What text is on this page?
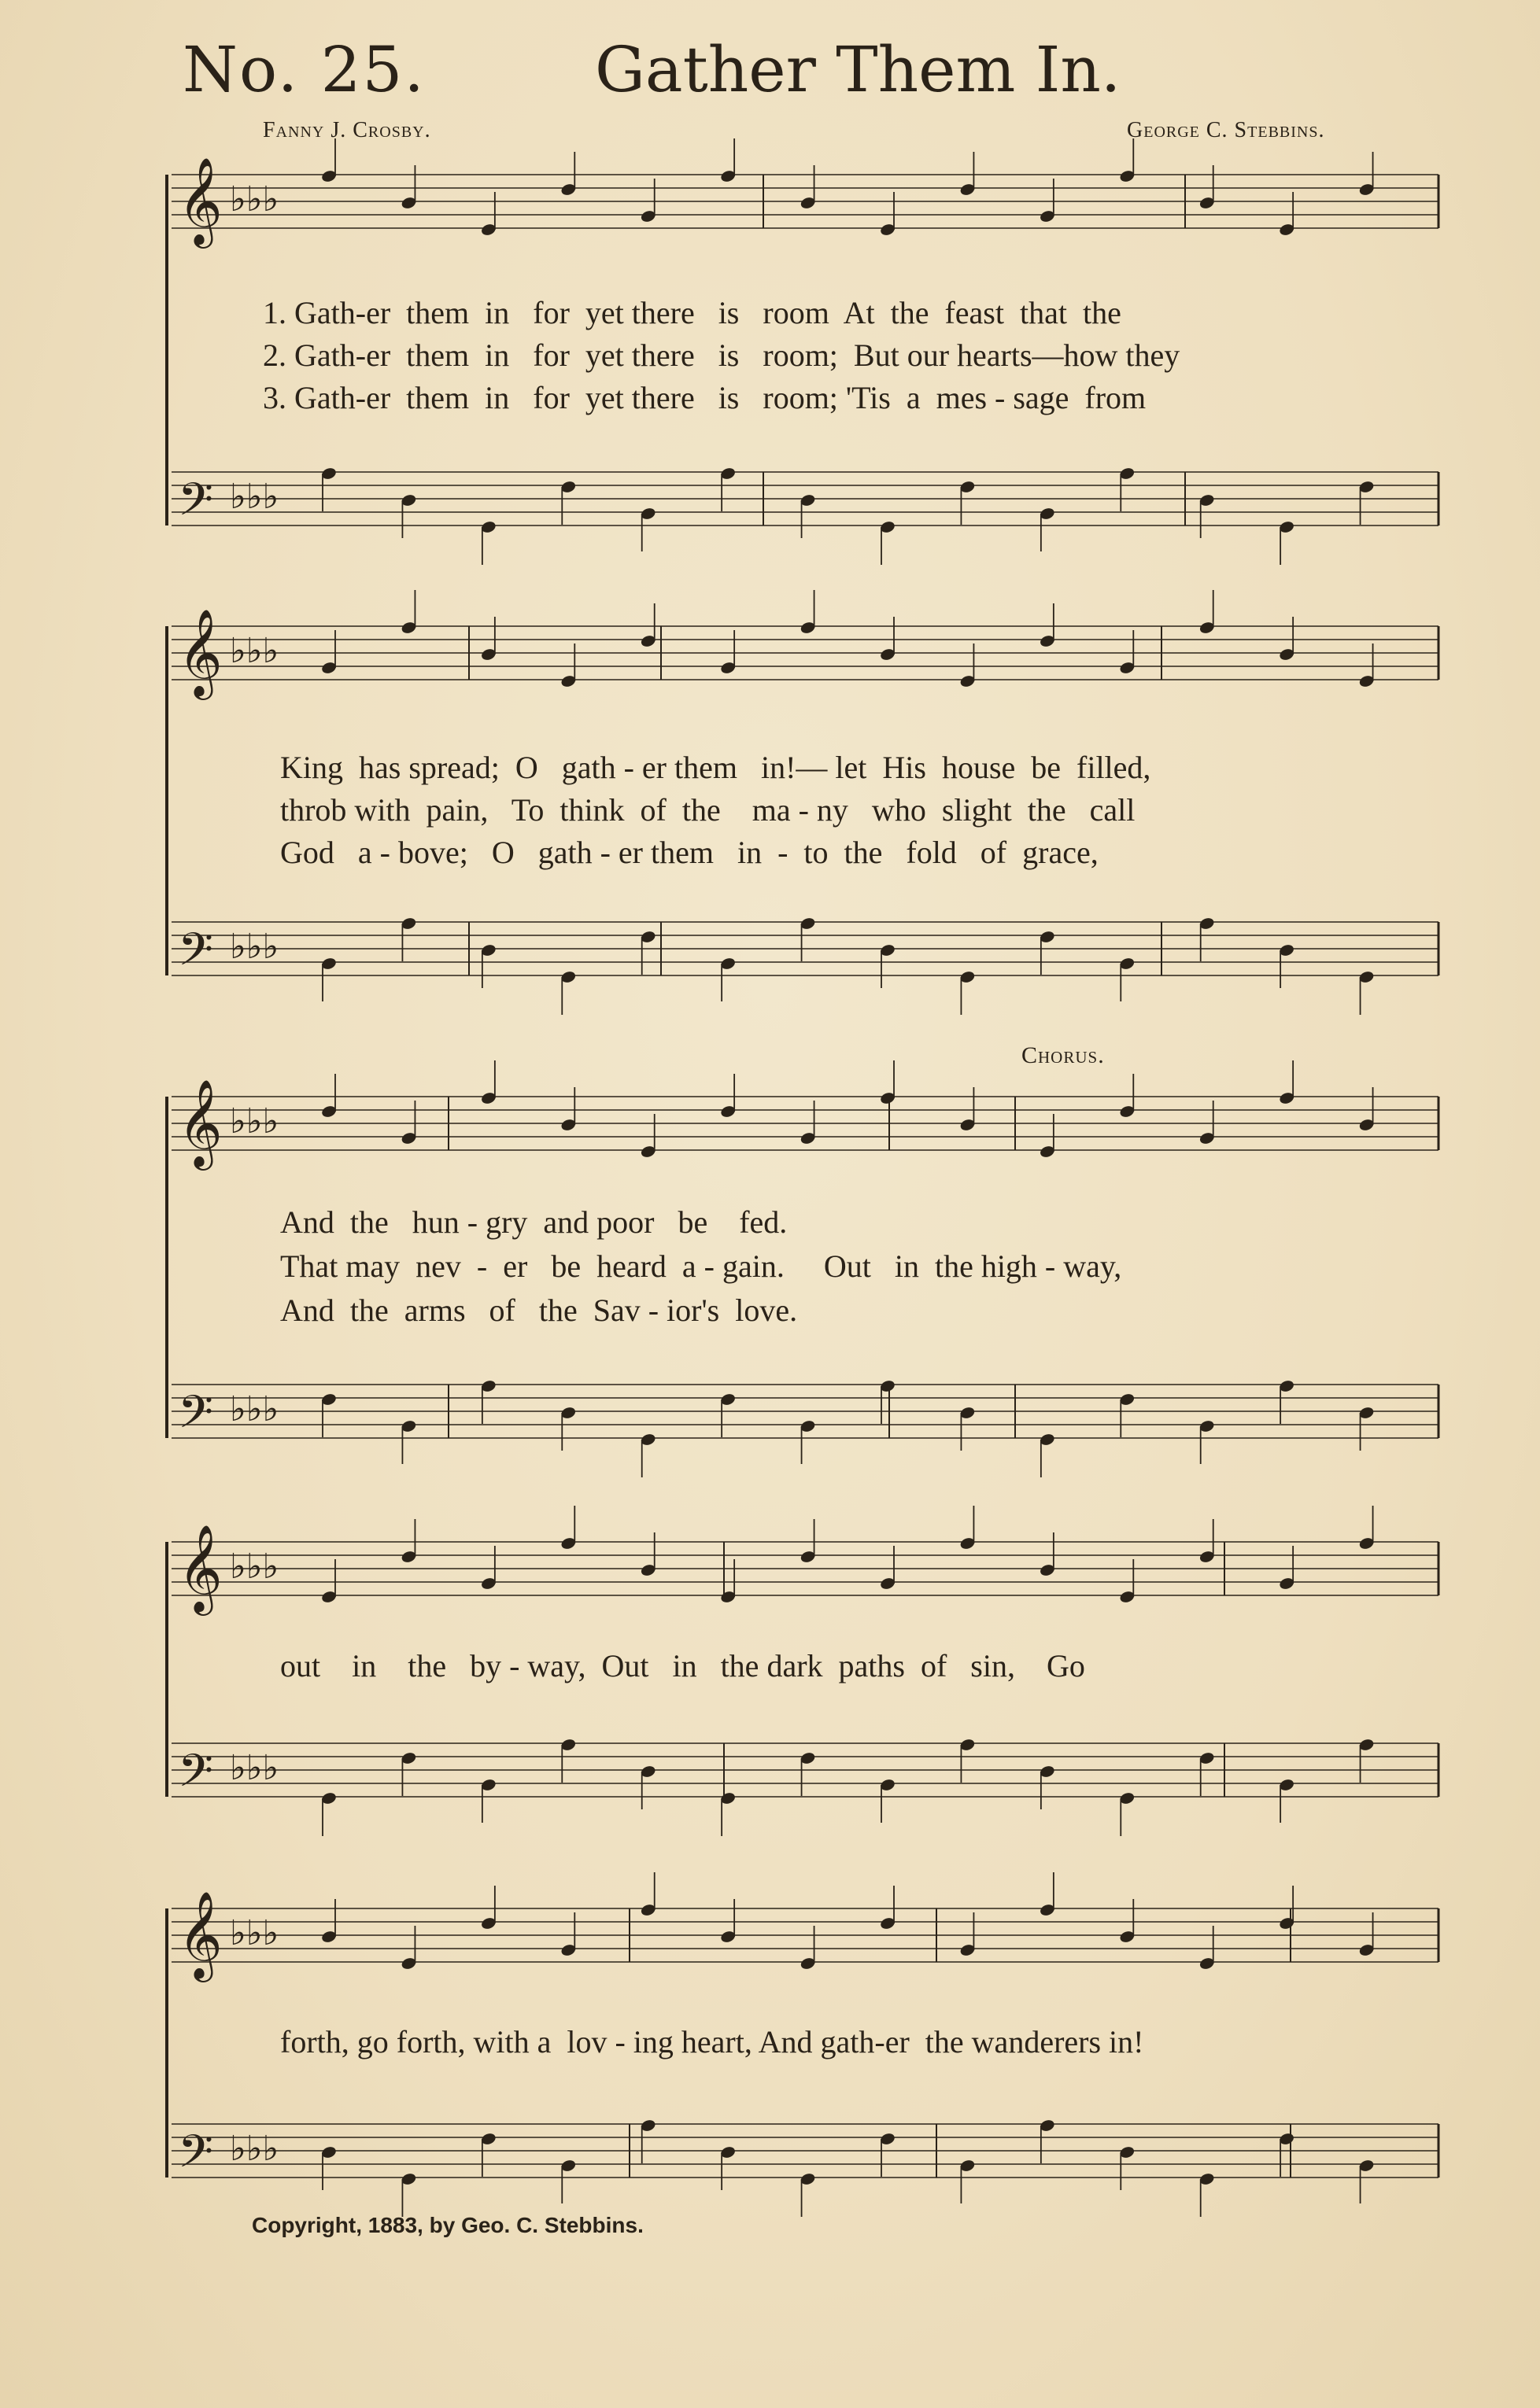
No. 25.	Gather Them In.
Fanny J. Crosby.	George C. Stebbins.
𝄞 ♭♭♭
𝄢 ♭♭♭
𝄞 ♭♭♭
𝄢 ♭♭♭
𝄞 ♭♭♭
𝄢 ♭♭♭
𝄞 ♭♭♭
𝄢 ♭♭♭
𝄞 ♭♭♭
𝄢 ♭♭♭
1. Gath-er  them  in   for  yet there   is   room  At  the  feast  that  the
2. Gath-er  them  in   for  yet there   is   room;  But our hearts—how they
3. Gath-er  them  in   for  yet there   is   room; 'Tis  a  mes - sage  from
King  has spread;  O   gath - er them   in!— let  His  house  be  filled,
throb with  pain,   To  think  of  the    ma - ny   who  slight  the   call
God   a - bove;   O   gath - er them   in  -  to  the   fold   of  grace,
Chorus.
And  the   hun - gry  and poor   be    fed.
That may  nev  -  er   be  heard  a - gain.     Out   in  the high - way,
And  the  arms   of   the  Sav - ior's  love.
out    in    the   by - way,  Out   in   the dark  paths  of   sin,    Go
forth, go forth, with a  lov - ing heart, And gath-er  the wanderers in!
Copyright, 1883, by Geo. C. Stebbins.
